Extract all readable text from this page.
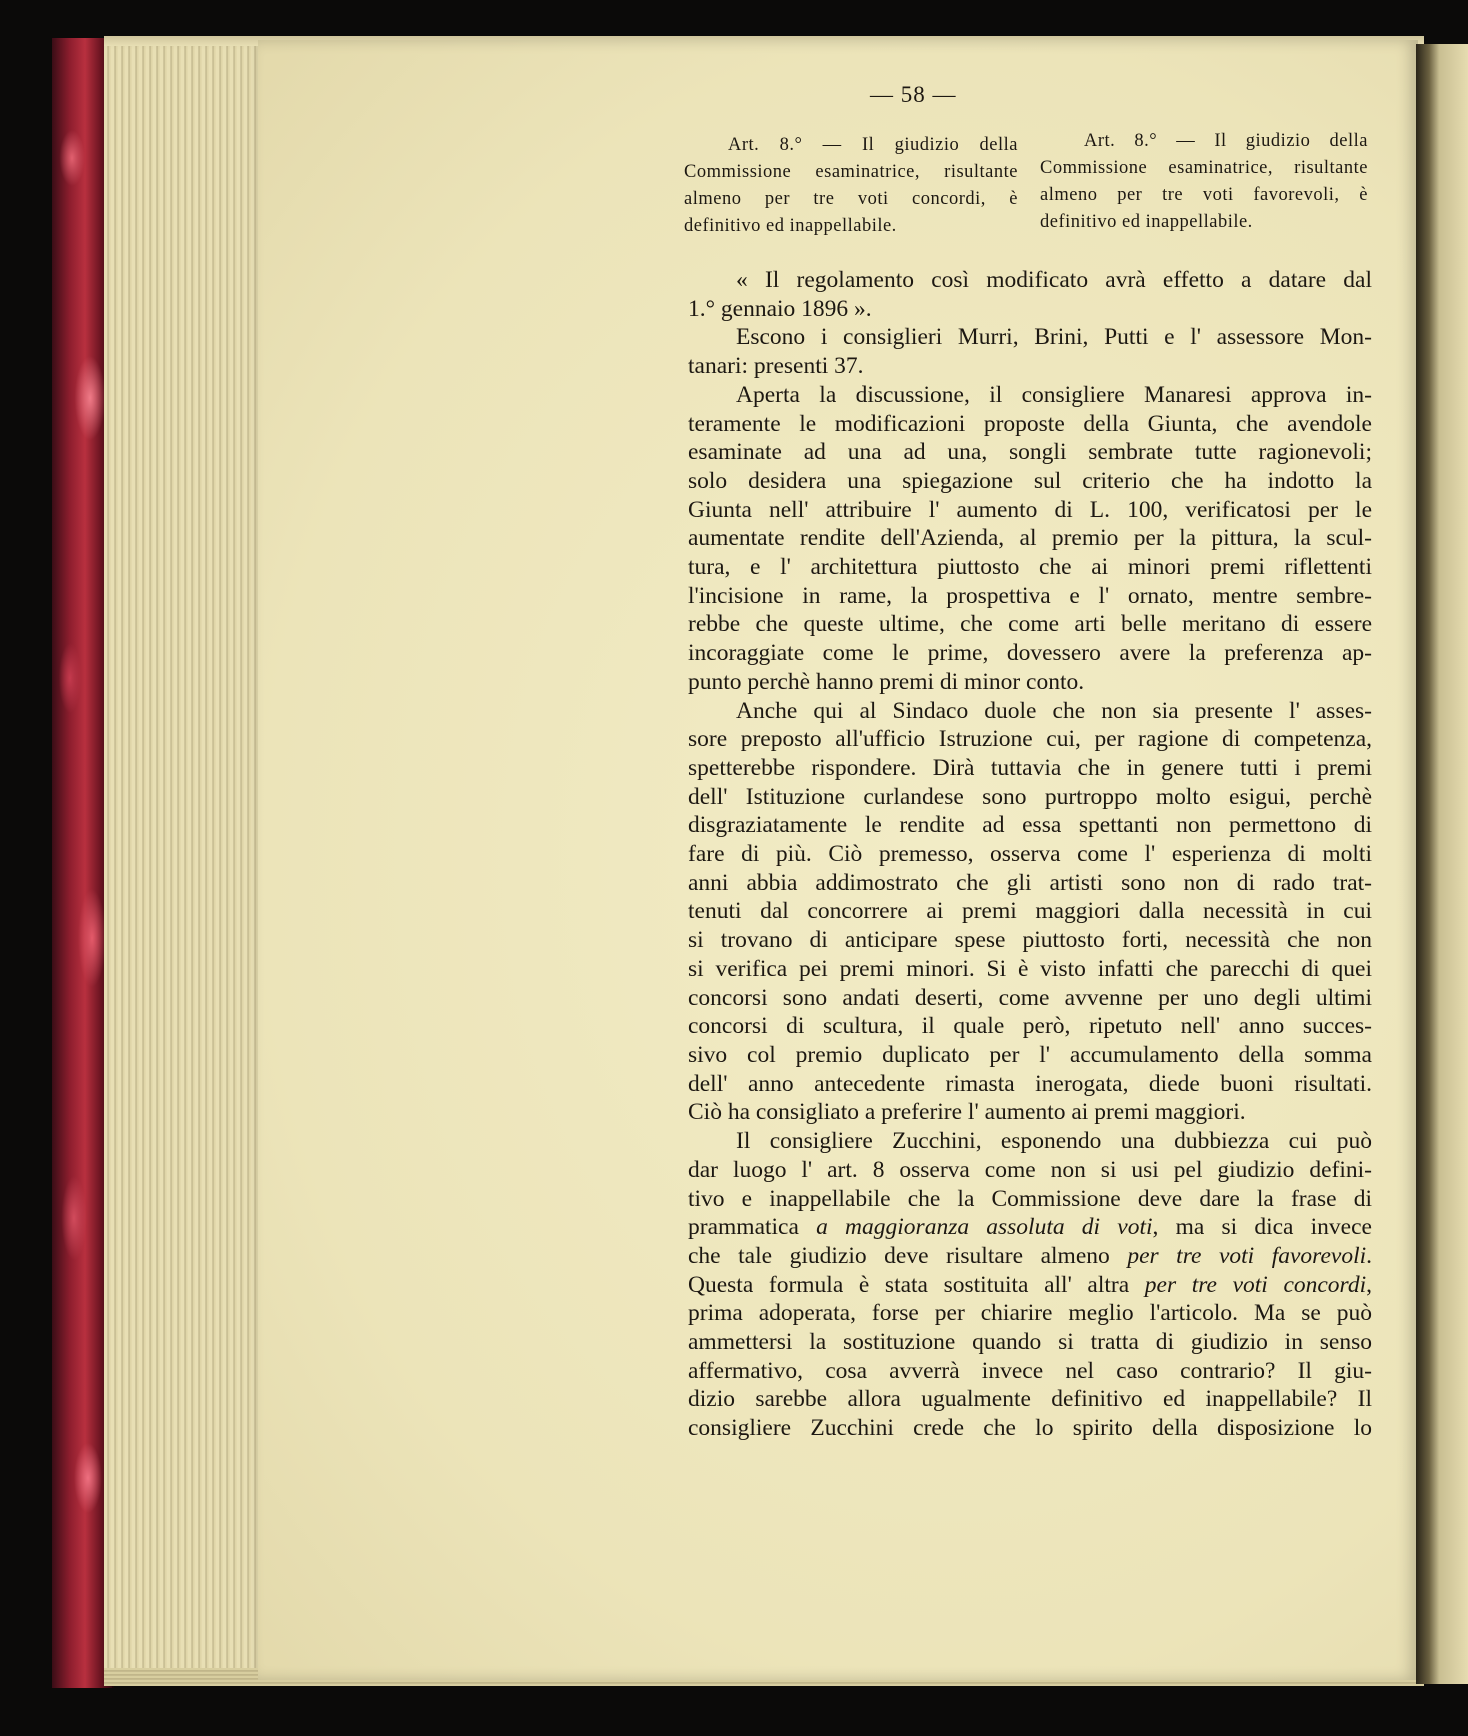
— 58 —
Art. 8.° — Il giudizio della
Commissione esaminatrice, risultante
almeno per tre voti concordi, è
definitivo ed inappellabile.
Art. 8.° — Il giudizio della
Commissione esaminatrice, risultante
almeno per tre voti favorevoli, è
definitivo ed inappellabile.
« Il regolamento così modificato avrà effetto a datare dal
1.° gennaio 1896 ».
Escono i consiglieri Murri, Brini, Putti e l' assessore Mon-
tanari: presenti 37.
Aperta la discussione, il consigliere Manaresi approva in-
teramente le modificazioni proposte della Giunta, che avendole
esaminate ad una ad una, songli sembrate tutte ragionevoli;
solo desidera una spiegazione sul criterio che ha indotto la
Giunta nell' attribuire l' aumento di L. 100, verificatosi per le
aumentate rendite dell'Azienda, al premio per la pittura, la scul-
tura, e l' architettura piuttosto che ai minori premi riflettenti
l'incisione in rame, la prospettiva e l' ornato, mentre sembre-
rebbe che queste ultime, che come arti belle meritano di essere
incoraggiate come le prime, dovessero avere la preferenza ap-
punto perchè hanno premi di minor conto.
Anche qui al Sindaco duole che non sia presente l' asses-
sore preposto all'ufficio Istruzione cui, per ragione di competenza,
spetterebbe rispondere. Dirà tuttavia che in genere tutti i premi
dell' Istituzione curlandese sono purtroppo molto esigui, perchè
disgraziatamente le rendite ad essa spettanti non permettono di
fare di più. Ciò premesso, osserva come l' esperienza di molti
anni abbia addimostrato che gli artisti sono non di rado trat-
tenuti dal concorrere ai premi maggiori dalla necessità in cui
si trovano di anticipare spese piuttosto forti, necessità che non
si verifica pei premi minori. Si è visto infatti che parecchi di quei
concorsi sono andati deserti, come avvenne per uno degli ultimi
concorsi di scultura, il quale però, ripetuto nell' anno succes-
sivo col premio duplicato per l' accumulamento della somma
dell' anno antecedente rimasta inerogata, diede buoni risultati.
Ciò ha consigliato a preferire l' aumento ai premi maggiori.
Il consigliere Zucchini, esponendo una dubbiezza cui può
dar luogo l' art. 8 osserva come non si usi pel giudizio defini-
tivo e inappellabile che la Commissione deve dare la frase di
prammatica a maggioranza assoluta di voti, ma si dica invece
che tale giudizio deve risultare almeno per tre voti favorevoli.
Questa formula è stata sostituita all' altra per tre voti concordi,
prima adoperata, forse per chiarire meglio l'articolo. Ma se può
ammettersi la sostituzione quando si tratta di giudizio in senso
affermativo, cosa avverrà invece nel caso contrario? Il giu-
dizio sarebbe allora ugualmente definitivo ed inappellabile? Il
consigliere Zucchini crede che lo spirito della disposizione lo
